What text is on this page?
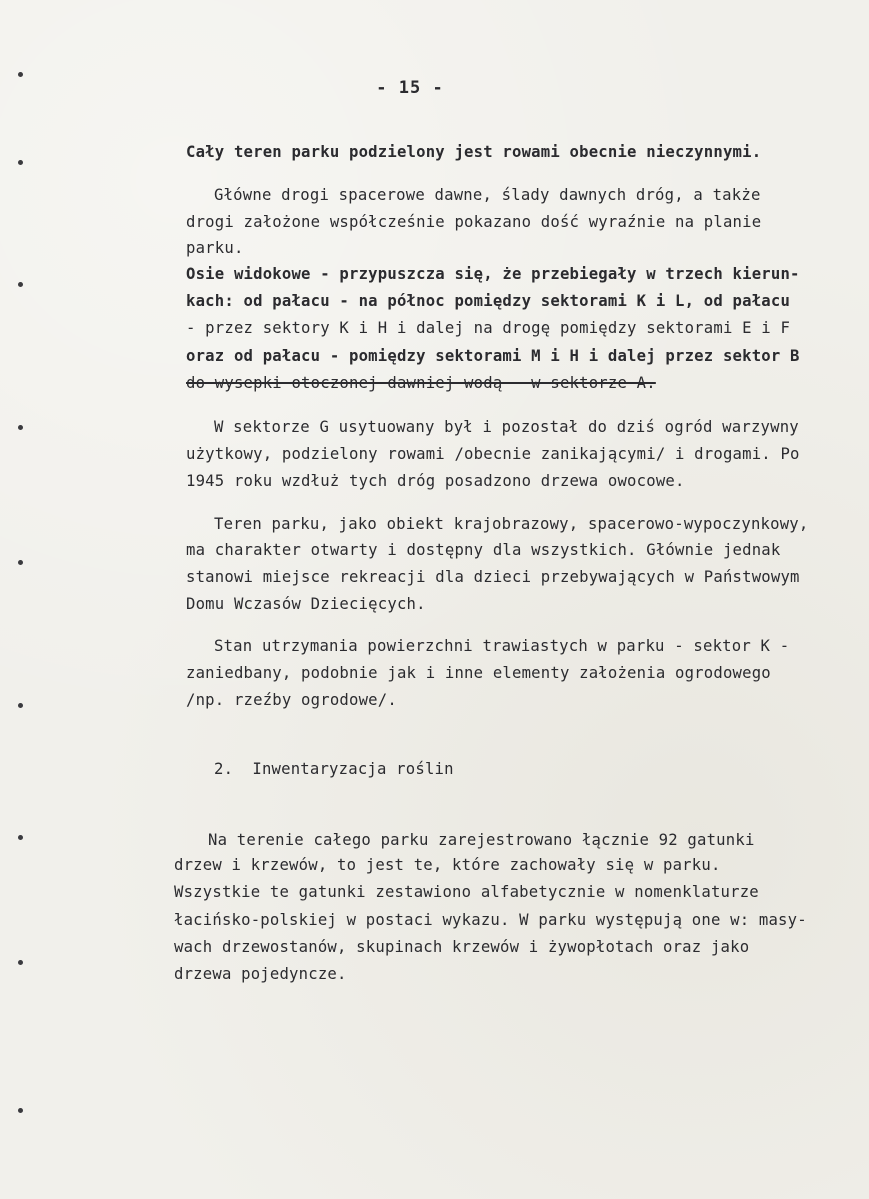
- 15 -
Cały teren parku podzielony jest rowami obecnie nieczynnymi.
Główne drogi spacerowe dawne, ślady dawnych dróg, a także
drogi założone współcześnie pokazano dość wyraźnie na planie
parku.
Osie widokowe - przypuszcza się, że przebiegały w trzech kierun-
kach: od pałacu - na północ pomiędzy sektorami K i L, od pałacu
- przez sektory K i H i dalej na drogę pomiędzy sektorami E i F
oraz od pałacu - pomiędzy sektorami M i H i dalej przez sektor B
do wysepki otoczonej dawniej wodą - w sektorze A.
W sektorze G usytuowany był i pozostał do dziś ogród warzywny
użytkowy, podzielony rowami /obecnie zanikającymi/ i drogami. Po
1945 roku wzdłuż tych dróg posadzono drzewa owocowe.
Teren parku, jako obiekt krajobrazowy, spacerowo-wypoczynkowy,
ma charakter otwarty i dostępny dla wszystkich. Głównie jednak
stanowi miejsce rekreacji dla dzieci przebywających w Państwowym
Domu Wczasów Dziecięcych.
Stan utrzymania powierzchni trawiastych w parku - sektor K -
zaniedbany, podobnie jak i inne elementy założenia ogrodowego
/np. rzeźby ogrodowe/.
2.  Inwentaryzacja roślin
Na terenie całego parku zarejestrowano łącznie 92 gatunki
drzew i krzewów, to jest te, które zachowały się w parku.
Wszystkie te gatunki zestawiono alfabetycznie w nomenklaturze
łacińsko-polskiej w postaci wykazu. W parku występują one w: masy-
wach drzewostanów, skupinach krzewów i żywopłotach oraz jako
drzewa pojedyncze.
